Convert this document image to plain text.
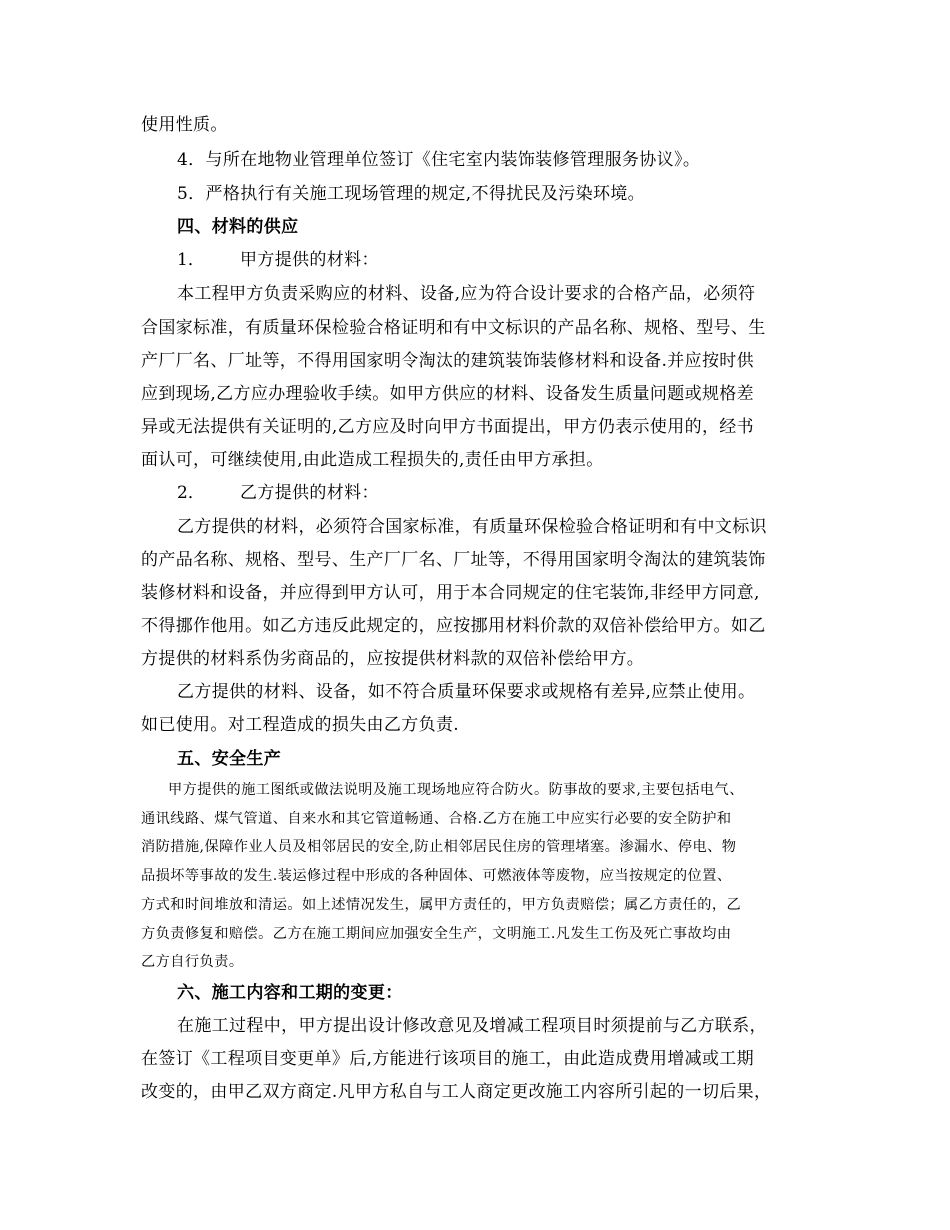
使用性质。
4．与所在地物业管理单位签订《住宅室内装饰装修管理服务协议》。
5．严格执行有关施工现场管理的规定,不得扰民及污染环境。
四、材料的供应
1． 甲方提供的材料：
本工程甲方负责采购应的材料、设备,应为符合设计要求的合格产品，必须符
合国家标准，有质量环保检验合格证明和有中文标识的产品名称、规格、型号、生
产厂厂名、厂址等，不得用国家明令淘汰的建筑装饰装修材料和设备.并应按时供
应到现场,乙方应办理验收手续。如甲方供应的材料、设备发生质量问题或规格差
异或无法提供有关证明的,乙方应及时向甲方书面提出，甲方仍表示使用的，经书
面认可，可继续使用,由此造成工程损失的,责任由甲方承担。
2． 乙方提供的材料：
乙方提供的材料，必须符合国家标准，有质量环保检验合格证明和有中文标识
的产品名称、规格、型号、生产厂厂名、厂址等，不得用国家明令淘汰的建筑装饰
装修材料和设备，并应得到甲方认可，用于本合同规定的住宅装饰,非经甲方同意,
不得挪作他用。如乙方违反此规定的，应按挪用材料价款的双倍补偿给甲方。如乙
方提供的材料系伪劣商品的，应按提供材料款的双倍补偿给甲方。
乙方提供的材料、设备，如不符合质量环保要求或规格有差异,应禁止使用。
如已使用。对工程造成的损失由乙方负责.
五、安全生产
甲方提供的施工图纸或做法说明及施工现场地应符合防火。防事故的要求,主要包括电气、
通讯线路、煤气管道、自来水和其它管道畅通、合格.乙方在施工中应实行必要的安全防护和
消防措施,保障作业人员及相邻居民的安全,防止相邻居民住房的管理堵塞。渗漏水、停电、物
品损坏等事故的发生.装运修过程中形成的各种固体、可燃液体等废物，应当按规定的位置、
方式和时间堆放和清运。如上述情况发生，属甲方责任的，甲方负责赔偿；属乙方责任的，乙
方负责修复和赔偿。乙方在施工期间应加强安全生产，文明施工.凡发生工伤及死亡事故均由
乙方自行负责。
六、施工内容和工期的变更：
在施工过程中，甲方提出设计修改意见及增减工程项目时须提前与乙方联系，
在签订《工程项目变更单》后,方能进行该项目的施工，由此造成费用增减或工期
改变的，由甲乙双方商定.凡甲方私自与工人商定更改施工内容所引起的一切后果，
